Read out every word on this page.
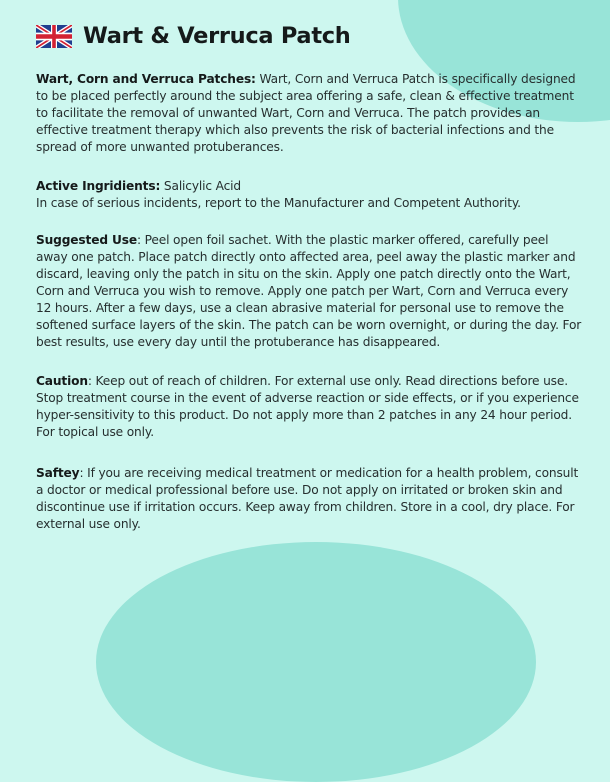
Wart & Verruca Patch

Wart, Corn and Verruca Patches: Wart, Corn and Verruca Patch is specifically designed to be placed perfectly around the subject area offering a safe, clean & effective treatment to facilitate the removal of unwanted Wart, Corn and Verruca. The patch provides an effective treatment therapy which also prevents the risk of bacterial infections and the spread of more unwanted protuberances.

Active Ingridients: Salicylic Acid
In case of serious incidents, report to the Manufacturer and Competent Authority.

Suggested Use: Peel open foil sachet. With the plastic marker offered, carefully peel away one patch. Place patch directly onto affected area, peel away the plastic marker and discard, leaving only the patch in situ on the skin. Apply one patch directly onto the Wart, Corn and Verruca you wish to remove. Apply one patch per Wart, Corn and Verruca every 12 hours. After a few days, use a clean abrasive material for personal use to remove the softened surface layers of the skin. The patch can be worn overnight, or during the day. For best results, use every day until the protuberance has disappeared.

Caution: Keep out of reach of children. For external use only. Read directions before use. Stop treatment course in the event of adverse reaction or side effects, or if you experience hyper-sensitivity to this product. Do not apply more than 2 patches in any 24 hour period. For topical use only.

Saftey: If you are receiving medical treatment or medication for a health problem, consult a doctor or medical professional before use. Do not apply on irritated or broken skin and discontinue use if irritation occurs. Keep away from children. Store in a cool, dry place. For external use only.
